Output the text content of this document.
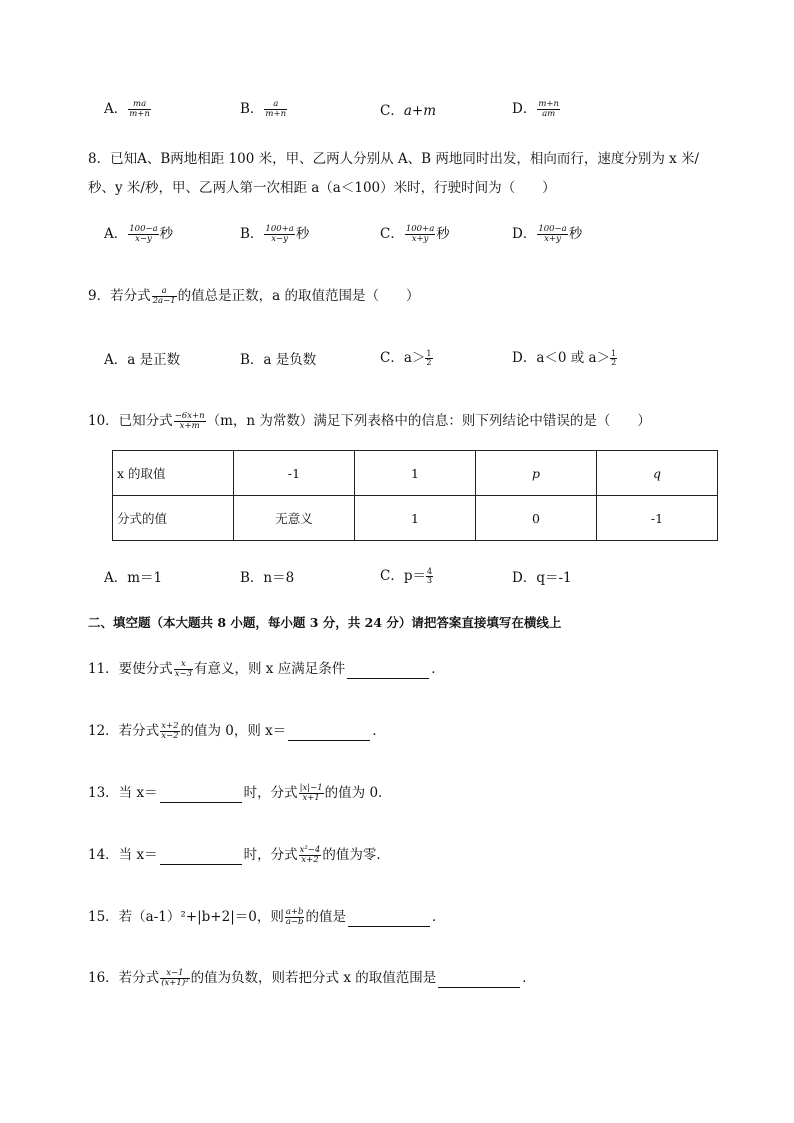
A． $\frac{ma}{m+n}$	B． $\frac{a}{m+n}$	C．a+m	D． $\frac{m+n}{am}$
8．已知A、B两地相距 100 米，甲、乙两人分别从 A、B 两地同时出发，相向而行，速度分别为 x 米/
秒、y 米/秒，甲、乙两人第一次相距 a（a＜100）米时，行驶时间为（　　）
A． $\frac{100-a}{x-y}$ 秒	B． $\frac{100+a}{x-y}$ 秒	C． $\frac{100+a}{x+y}$ 秒	D． $\frac{100-a}{x+y}$ 秒
9．若分式 $\frac{a}{2a-1}$ 的值总是正数，a 的取值范围是（　　）
A．a 是正数	B．a 是负数	C．$a> \frac{1}{2}$	D．a＜0 或 $a> \frac{1}{2}$
10．已知分式 $\frac{-6x+n}{x+m} (m$，n 为常数）满足下列表格中的信息：则下列结论中错误的是（　　）
x 的取值	-1	1	p	q
分式的值	无意义	1	0	-1
A．m＝1	B．n＝8	C．$p= \frac{4}{3}$	D．q＝-1
二、填空题（本大题共 8 小题，每小题 3 分，共 24 分）请把答案直接填写在横线上
11．要使分式 $\frac{x}{x-3}$ 有意义，则 x 应满足条件	．
12．若分式 $\frac{x+2}{x-2}$ 的值为 0，则 x＝	．
13．当 x＝	时，分式 $\frac{|x|-1}{x+1}$ 的值为 0．
14．当 x＝	时，分式 $\frac{\text{x²−4}}{x+2}$ 的值为零．
15．若（a-1）²+|b+2|＝0，则 $\frac{a+b}{a-b}$ 的值是	．
16．若分式 $\frac{x-1}{\text{(x+1)²}}$ 的值为负数，则若把分式 x 的取值范围是	．
